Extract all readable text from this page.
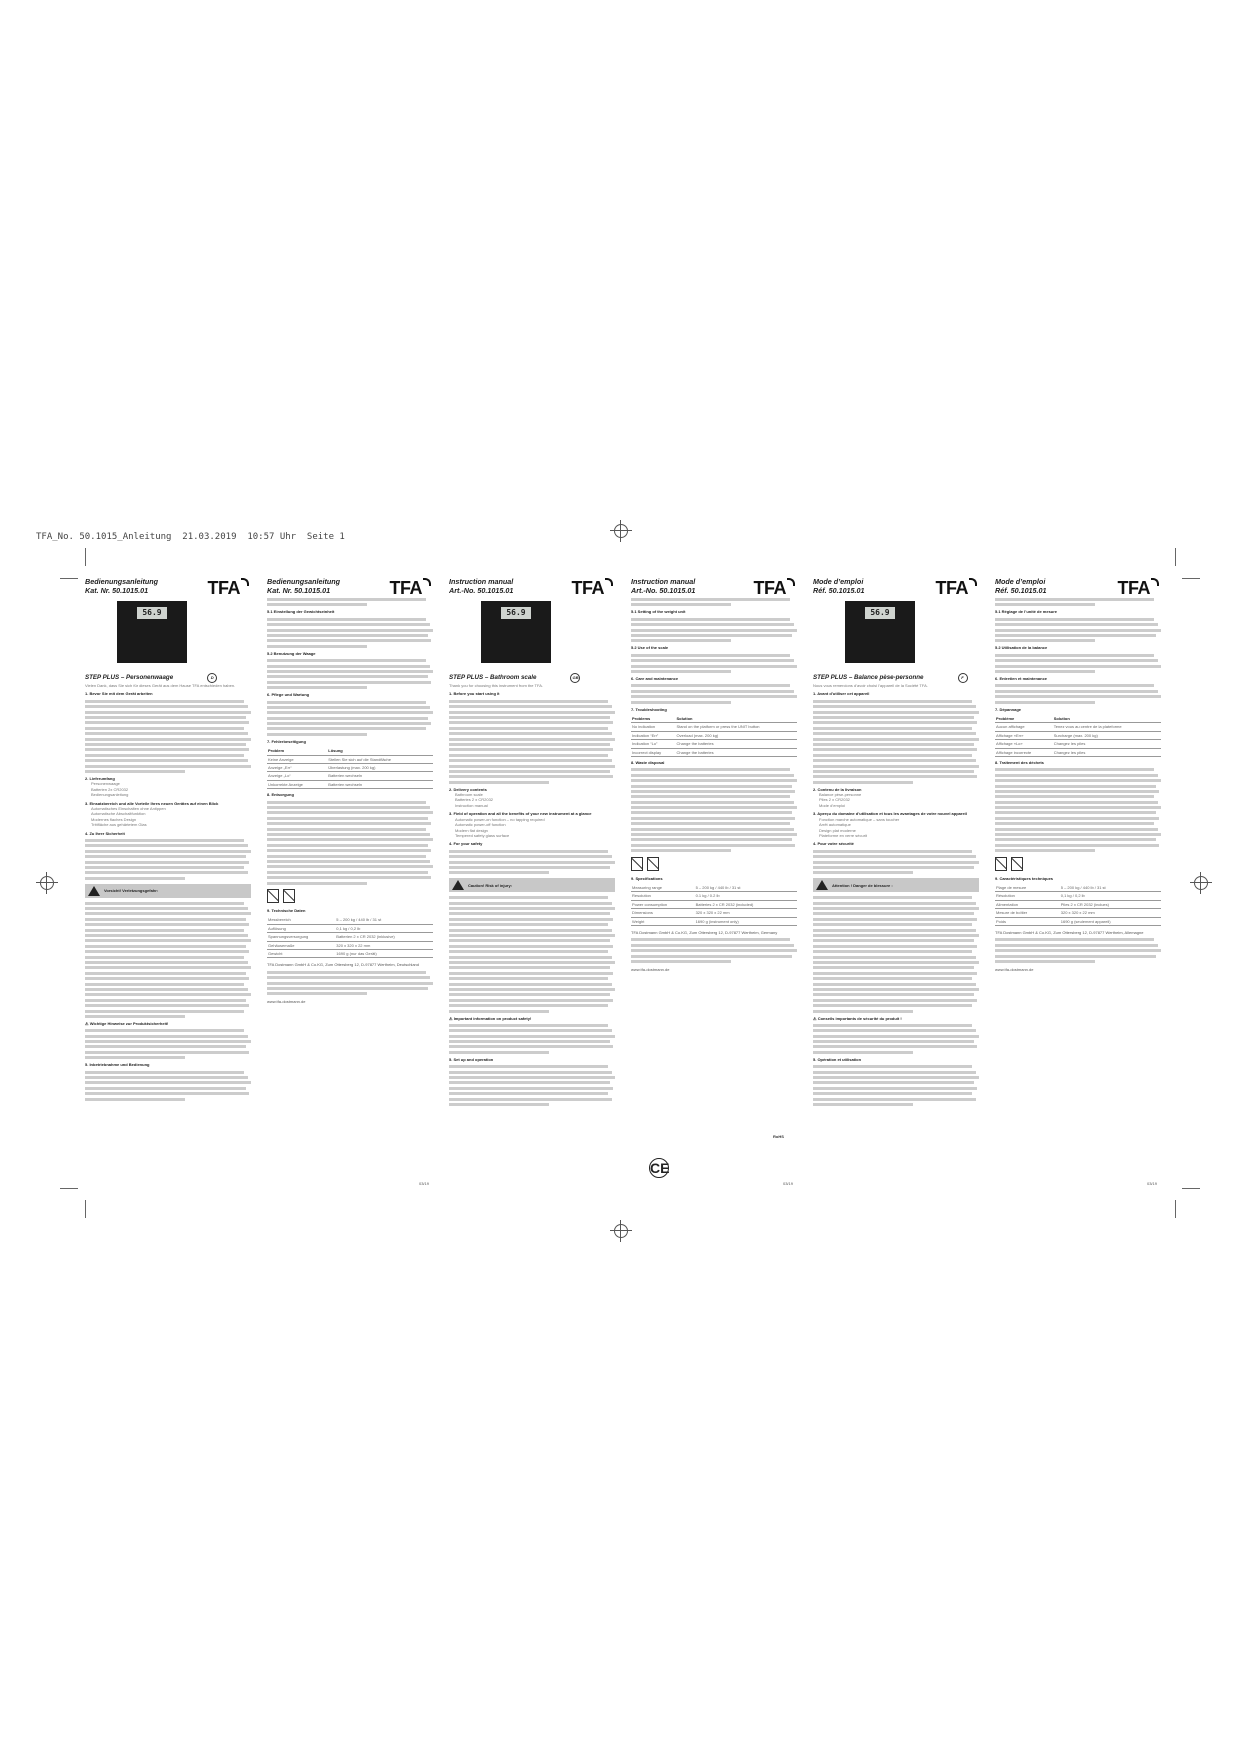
TFA_No. 50.1015_Anleitung  21.03.2019  10:57 Uhr  Seite 1
Bedienungsanleitung
Kat. Nr. 50.1015.01	TFA
56.9
STEP PLUS – Personenwaage	D
Vielen Dank, dass Sie sich für dieses Gerät aus dem Hause TFA entschieden haben.
1. Bevor Sie mit dem Gerät arbeiten
2. Lieferumfang
• Personenwaage
• Batterien 2x CR2032
• Bedienungsanleitung
3. Einsatzbereich und alle Vorteile Ihres neuen Gerätes auf einen Blick
• Automatisches Einschalten ohne Antippen
• Automatische Abschaltfunktion
• Modernes flaches Design
• Trittfläche aus gehärtetem Glas
4. Zu Ihrer Sicherheit
Vorsicht! Verletzungsgefahr:
⚠ Wichtige Hinweise zur Produktsicherheit!
5. Inbetriebnahme und Bedienung
Bedienungsanleitung
Kat. Nr. 50.1015.01	TFA
5.1 Einstellung der Gewichtseinheit
5.2 Benutzung der Waage
6. Pflege und Wartung
7. Fehlerbeseitigung
Problem	Lösung
Keine Anzeige	Stellen Sie sich auf die Standfläche
Anzeige „Err“	Überlastung (max. 200 kg)
Anzeige „Lo“	Batterien wechseln
Unkorrekte Anzeige	Batterien wechseln
8. Entsorgung
9. Technische Daten
Messbereich	5 – 200 kg / 440 lb / 31 st
Auflösung	0,1 kg / 0,2 lb
Spannungsversorgung	Batterien 2 x CR 2032 (inklusive)
Gehäusemaße	320 x 320 x 22 mm
Gewicht	1690 g (nur das Gerät)
TFA Dostmann GmbH & Co.KG, Zum Ottersberg 12, D-97877 Wertheim, Deutschland
www.tfa-dostmann.de
03/19
Instruction manual
Art.-No. 50.1015.01	TFA
56.9
STEP PLUS – Bathroom scale	GB
Thank you for choosing this instrument from the TFA.
1. Before you start using it
2. Delivery contents
• Bathroom scale
• Batteries 2 x CR2032
• Instruction manual
3. Field of operation and all the benefits of your new instrument at a glance
• Automatic power-on function – no tapping required
• Automatic power-off function
• Modern flat design
• Tempered safety glass surface
4. For your safety
Caution! Risk of injury:
⚠ Important information on product safety!
5. Set up and operation
Instruction manual
Art.-No. 50.1015.01	TFA
5.1 Setting of the weight unit
5.2 Use of the scale
6. Care and maintenance
7. Troubleshooting
Problems	Solution
No indication	Stand on the platform or press the UNIT button
Indication “Err”	Overload (max. 200 kg)
Indication “Lo”	Change the batteries
Incorrect display	Change the batteries
8. Waste disposal
9. Specifications
Measuring range	5 – 200 kg / 440 lb / 31 st
Resolution	0.1 kg / 0.2 lb
Power consumption	Batteries 2 x CR 2032 (included)
Dimensions	320 x 320 x 22 mm
Weight	1690 g (instrument only)
TFA Dostmann GmbH & Co.KG, Zum Ottersberg 12, D-97877 Wertheim, Germany
www.tfa-dostmann.de
03/19
Mode d’emploi
Réf. 50.1015.01	TFA
56.9
STEP PLUS – Balance pèse-personne	F
Nous vous remercions d’avoir choisi l’appareil de la Société TFA.
1. Avant d’utiliser cet appareil
2. Contenu de la livraison
• Balance pèse-personne
• Piles 2 x CR2032
• Mode d’emploi
3. Aperçu du domaine d’utilisation et tous les avantages de votre nouvel appareil
• Fonction marche automatique – sans toucher
• Arrêt automatique
• Design plat moderne
• Plateforme en verre sécurit
4. Pour votre sécurité
Attention ! Danger de blessure :
⚠ Conseils importants de sécurité du produit !
5. Opération et utilisation
Mode d’emploi
Réf. 50.1015.01	TFA
5.1 Réglage de l’unité de mesure
5.2 Utilisation de la balance
6. Entretien et maintenance
7. Dépannage
Problème	Solution
Aucun affichage	Tenez vous au centre de la plateforme
Affichage «Err»	Surcharge (max. 200 kg)
Affichage «Lo»	Changez les piles
Affichage incorrecte	Changez les piles
8. Traitement des déchets
9. Caractéristiques techniques
Plage de mesure	5 – 200 kg / 440 lb / 31 st
Résolution	0,1 kg / 0,2 lb
Alimentation	Piles 2 x CR 2032 (inclues)
Mesure de boîtier	320 x 320 x 22 mm
Poids	1690 g (seulement appareil)
TFA Dostmann GmbH & Co.KG, Zum Ottersberg 12, D-97877 Wertheim, Allemagne
www.tfa-dostmann.de
03/19
CE
RoHS
